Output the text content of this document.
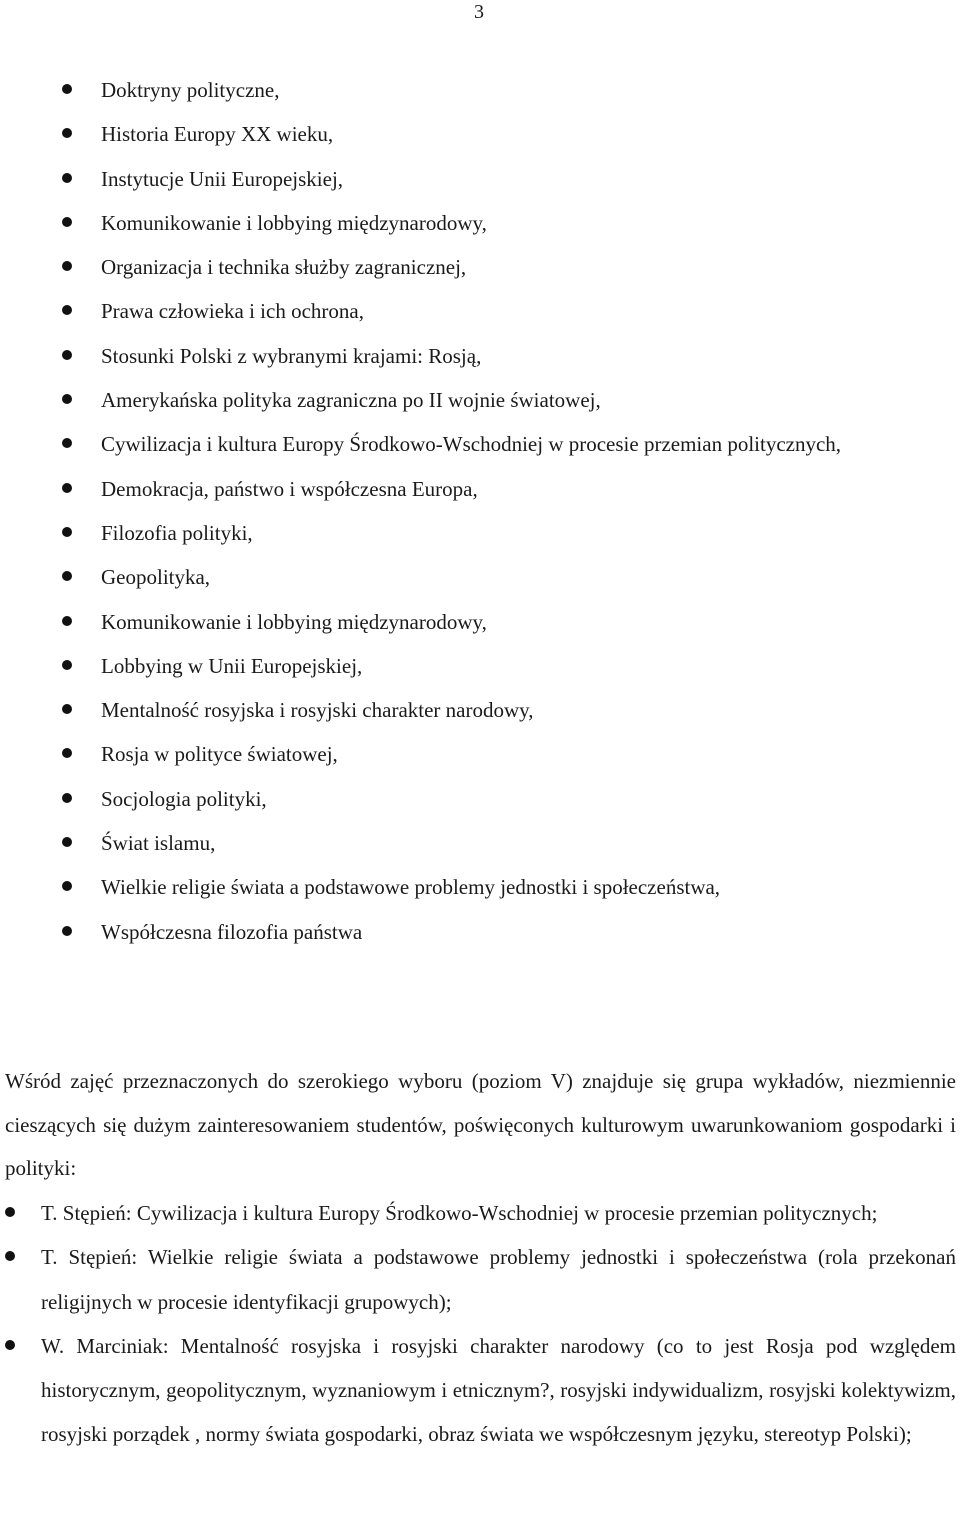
3
Doktryny polityczne,
Historia Europy XX wieku,
Instytucje Unii Europejskiej,
Komunikowanie i lobbying międzynarodowy,
Organizacja i technika służby zagranicznej,
Prawa człowieka i ich ochrona,
Stosunki Polski z wybranymi krajami: Rosją,
Amerykańska polityka zagraniczna po II wojnie światowej,
Cywilizacja i kultura Europy Środkowo-Wschodniej w procesie przemian politycznych,
Demokracja, państwo i współczesna Europa,
Filozofia polityki,
Geopolityka,
Komunikowanie i lobbying międzynarodowy,
Lobbying w Unii Europejskiej,
Mentalność rosyjska i rosyjski charakter narodowy,
Rosja w polityce światowej,
Socjologia polityki,
Świat islamu,
Wielkie religie świata a podstawowe problemy jednostki i społeczeństwa,
Współczesna filozofia państwa

Wśród zajęć przeznaczonych do szerokiego wyboru (poziom V) znajduje się grupa wykładów, niezmiennie cieszących się dużym zainteresowaniem studentów, poświęconych kulturowym uwarunkowaniom gospodarki i polityki:

T. Stępień: Cywilizacja i kultura Europy Środkowo-Wschodniej w procesie przemian politycznych;
T. Stępień: Wielkie religie świata a podstawowe problemy jednostki i społeczeństwa (rola przekonań religijnych w procesie identyfikacji grupowych);
W. Marciniak: Mentalność rosyjska i rosyjski charakter narodowy (co to jest Rosja pod względem historycznym, geopolitycznym, wyznaniowym i etnicznym?, rosyjski indywidualizm, rosyjski kolektywizm, rosyjski porządek , normy świata gospodarki, obraz świata we współczesnym języku, stereotyp Polski);
